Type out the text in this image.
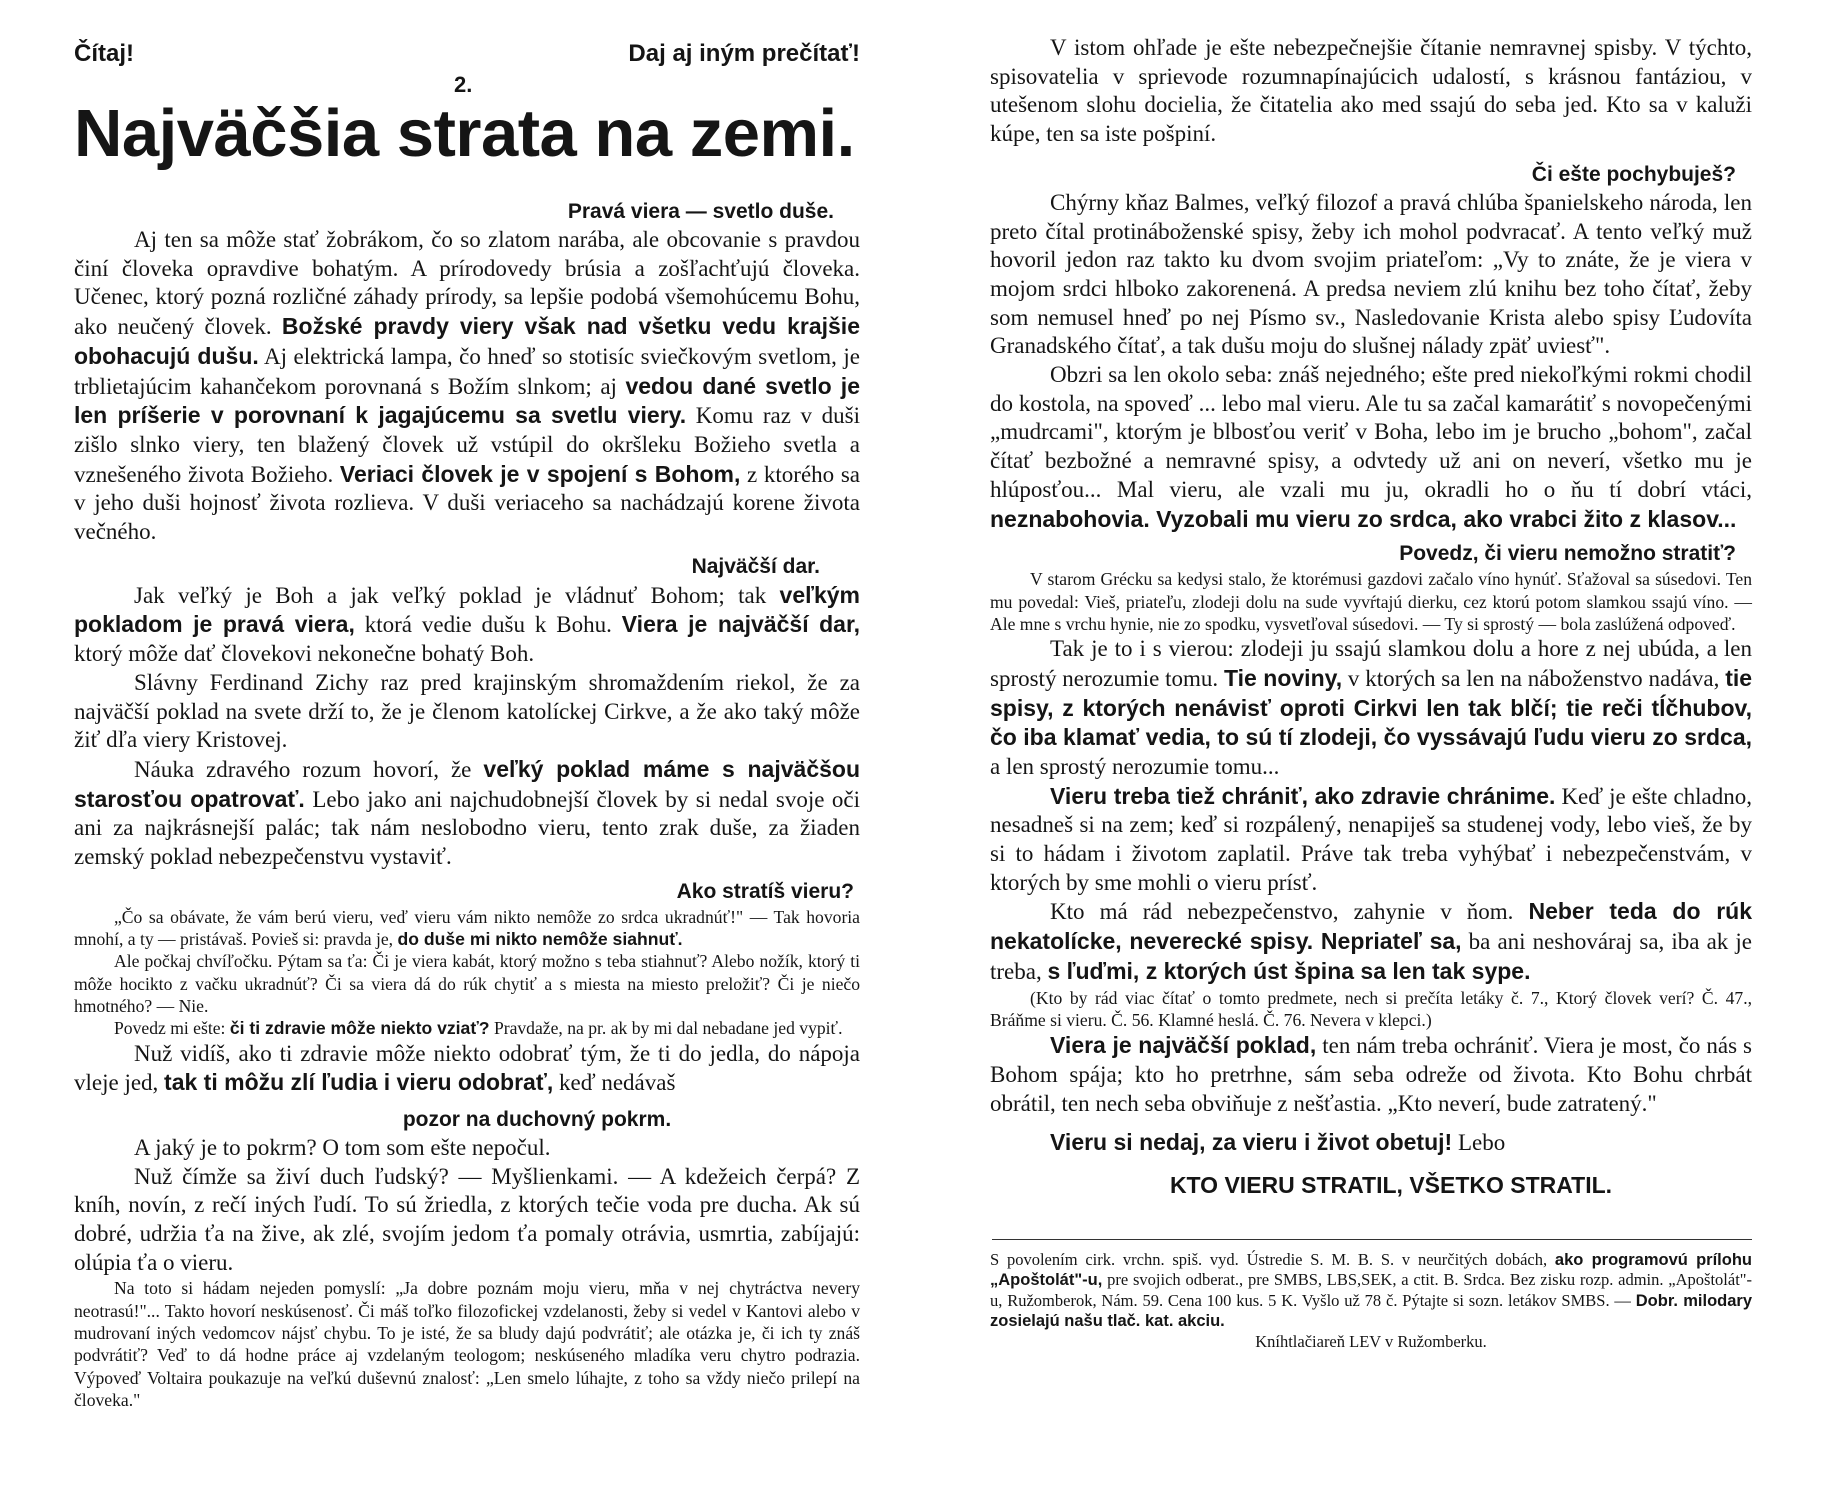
Čítaj!	Daj aj iným prečítať!
2.
Najväčšia strata na zemi.
Pravá viera — svetlo duše.

Aj ten sa môže stať žobrákom, čo so zlatom narába, ale obcovanie s pravdou činí človeka opravdive bohatým. A prírodovedy brúsia a zošľachťujú človeka. Učenec, ktorý pozná rozličné záhady prírody, sa lepšie podobá všemohúcemu Bohu, ako neučený človek. Božské pravdy viery však nad všetku vedu krajšie obohacujú dušu. Aj elektrická lampa, čo hneď so stotisíc sviečkovým svetlom, je trblietajúcim kahančekom porovnaná s Božím slnkom; aj vedou dané svetlo je len príšerie v porovnaní k jagajúcemu sa svetlu viery. Komu raz v duši zišlo slnko viery, ten blažený človek už vstúpil do okršleku Božieho svetla a vznešeného života Božieho. Veriaci človek je v spojení s Bohom, z ktorého sa v jeho duši hojnosť života rozlieva. V duši veriaceho sa nachádzajú korene života večného.

Najväčší dar.

Jak veľký je Boh a jak veľký poklad je vládnuť Bohom; tak veľkým pokladom je pravá viera, ktorá vedie dušu k Bohu. Viera je najväčší dar, ktorý môže dať človekovi nekonečne bohatý Boh.

Slávny Ferdinand Zichy raz pred krajinským shromaždením riekol, že za najväčší poklad na svete drží to, že je členom katolíckej Cirkve, a že ako taký môže žiť dľa viery Kristovej.

Náuka zdravého rozum hovorí, že veľký poklad máme s najväčšou starosťou opatrovať. Lebo jako ani najchudobnejší človek by si nedal svoje oči ani za najkrásnejší palác; tak nám neslobodno vieru, tento zrak duše, za žiaden zemský poklad nebezpečenstvu vystaviť.

Ako stratíš vieru?

„Čo sa obávate, že vám berú vieru, veď vieru vám nikto nemôže zo srdca ukradnúť!" — Tak hovoria mnohí, a ty — pristávaš. Povieš si: pravda je, do duše mi nikto nemôže siahnuť.

Ale počkaj chvíľočku. Pýtam sa ťa: Či je viera kabát, ktorý možno s teba stiahnuť? Alebo nožík, ktorý ti môže hocikto z vačku ukradnúť? Či sa viera dá do rúk chytiť a s miesta na miesto preložiť? Či je niečo hmotného? — Nie.

Povedz mi ešte: či ti zdravie môže niekto vziať? Pravdaže, na pr. ak by mi dal nebadane jed vypiť.

Nuž vidíš, ako ti zdravie môže niekto odobrať tým, že ti do jedla, do nápoja vleje jed, tak ti môžu zlí ľudia i vieru odobrať, keď nedávaš

pozor na duchovný pokrm.

A jaký je to pokrm? O tom som ešte nepočul.

Nuž čímže sa živí duch ľudský? — Myšlienkami. — A kdežeich čerpá? Z kníh, novín, z rečí iných ľudí. To sú žriedla, z ktorých tečie voda pre ducha. Ak sú dobré, udržia ťa na žive, ak zlé, svojím jedom ťa pomaly otrávia, usmrtia, zabíjajú: olúpia ťa o vieru.

Na toto si hádam nejeden pomyslí: „Ja dobre poznám moju vieru, mňa v nej chytráctva nevery neotrasú!"... Takto hovorí neskúsenosť. Či máš toľko filozofickej vzdelanosti, žeby si vedel v Kantovi alebo v mudrovaní iných vedomcov nájsť chybu. To je isté, že sa bludy dajú podvrátiť; ale otázka je, či ich ty znáš podvrátiť? Veď to dá hodne práce aj vzdelaným teologom; neskúseného mladíka veru chytro podrazia. Výpoveď Voltaira poukazuje na veľkú duševnú znalosť: „Len smelo lúhajte, z toho sa vždy niečo prilepí na človeka."

V istom ohľade je ešte nebezpečnejšie čítanie nemravnej spisby. V týchto, spisovatelia v sprievode rozumnapínajúcich udalostí, s krásnou fantáziou, v utešenom slohu docielia, že čitatelia ako med ssajú do seba jed. Kto sa v kaluži kúpe, ten sa iste pošpiní.

Či ešte pochybuješ?

Chýrny kňaz Balmes, veľký filozof a pravá chlúba španielskeho národa, len preto čítal protináboženské spisy, žeby ich mohol podvracať. A tento veľký muž hovoril jedon raz takto ku dvom svojim priateľom: „Vy to znáte, že je viera v mojom srdci hlboko zakorenená. A predsa neviem zlú knihu bez toho čítať, žeby som nemusel hneď po nej Písmo sv., Nasledovanie Krista alebo spisy Ľudovíta Granadského čítať, a tak dušu moju do slušnej nálady zpäť uviesť".

Obzri sa len okolo seba: znáš nejedného; ešte pred niekoľkými rokmi chodil do kostola, na spoveď ... lebo mal vieru. Ale tu sa začal kamarátiť s novopečenými „mudrcami", ktorým je blbosťou veriť v Boha, lebo im je brucho „bohom", začal čítať bezbožné a nemravné spisy, a odvtedy už ani on neverí, všetko mu je hlúposťou... Mal vieru, ale vzali mu ju, okradli ho o ňu tí dobrí vtáci, neznabohovia. Vyzobali mu vieru zo srdca, ako vrabci žito z klasov...

Povedz, či vieru nemožno stratiť?

V starom Grécku sa kedysi stalo, že ktorémusi gazdovi začalo víno hynúť. Sťažoval sa súsedovi. Ten mu povedal: Vieš, priateľu, zlodeji dolu na sude vyvŕtajú dierku, cez ktorú potom slamkou ssajú víno. — Ale mne s vrchu hynie, nie zo spodku, vysvetľoval súsedovi. — Ty si sprostý — bola zaslúžená odpoveď.

Tak je to i s vierou: zlodeji ju ssajú slamkou dolu a hore z nej ubúda, a len sprostý nerozumie tomu. Tie noviny, v ktorých sa len na náboženstvo nadáva, tie spisy, z ktorých nenávisť oproti Cirkvi len tak blčí; tie reči tĺčhubov, čo iba klamať vedia, to sú tí zlodeji, čo vyssávajú ľudu vieru zo srdca, a len sprostý nerozumie tomu...

Vieru treba tiež chrániť, ako zdravie chránime. Keď je ešte chladno, nesadneš si na zem; keď si rozpálený, nenapiješ sa studenej vody, lebo vieš, že by si to hádam i životom zaplatil. Práve tak treba vyhýbať i nebezpečenstvám, v ktorých by sme mohli o vieru prísť.

Kto má rád nebezpečenstvo, zahynie v ňom. Neber teda do rúk nekatolícke, neverecké spisy. Nepriateľ sa, ba ani neshováraj sa, iba ak je treba, s ľuďmi, z ktorých úst špina sa len tak sype.

(Kto by rád viac čítať o tomto predmete, nech si prečíta letáky č. 7., Ktorý človek verí? Č. 47., Bráňme si vieru. Č. 56. Klamné heslá. Č. 76. Nevera v klepci.)

Viera je najväčší poklad, ten nám treba ochrániť. Viera je most, čo nás s Bohom spája; kto ho pretrhne, sám seba odreže od života. Kto Bohu chrbát obrátil, ten nech seba obviňuje z nešťastia. „Kto neverí, bude zatratený."

Vieru si nedaj, za vieru i život obetuj! Lebo

KTO VIERU STRATIL, VŠETKO STRATIL.

S povolením cirk. vrchn. spiš. vyd. Ústredie S. M. B. S. v neurčitých dobách, ako programovú prílohu „Apoštolát"-u, pre svojich odberat., pre SMBS, LBS,SEK, a ctit. B. Srdca. Bez zisku rozp. admin. „Apoštolát"-u, Ružomberok, Nám. 59. Cena 100 kus. 5 K. Vyšlo už 78 č. Pýtajte si sozn. letákov SMBS. — Dobr. milodary zosielajú našu tlač. kat. akciu.

Kníhtlačiareň LEV v Ružomberku.
